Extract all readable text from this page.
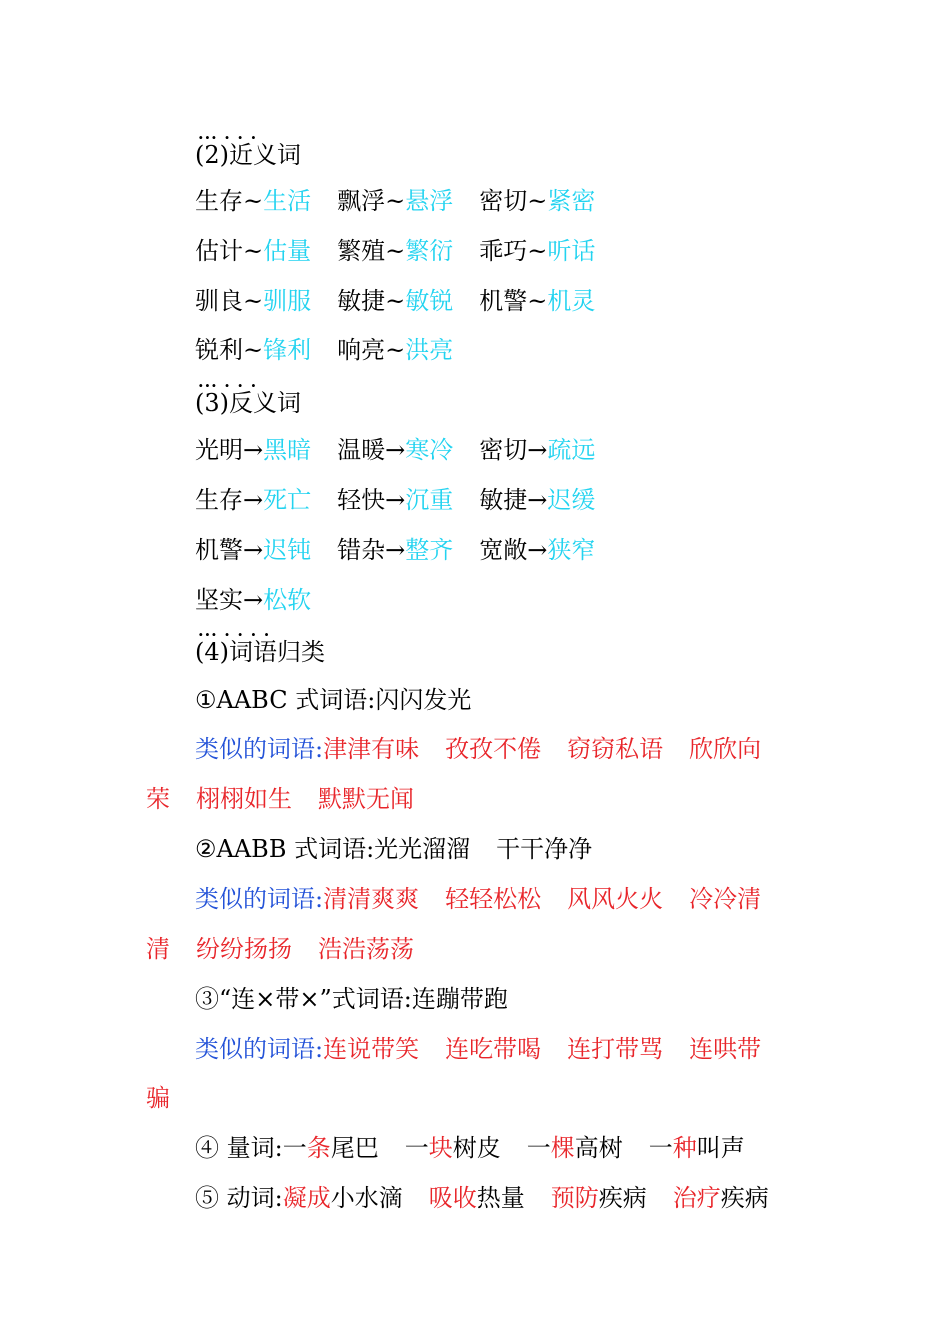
... . . .
(2)近义词
生存~生活 飘浮~悬浮 密切~紧密
估计~估量 繁殖~繁衍 乖巧~听话
驯良~驯服 敏捷~敏锐 机警~机灵
锐利~锋利 响亮~洪亮
... . . .
(3)反义词
光明→黑暗 温暖→寒冷 密切→疏远
生存→死亡 轻快→沉重 敏捷→迟缓
机警→迟钝 错杂→整齐 宽敞→狭窄
坚实→松软
... . . . .
(4)词语归类
①AABC 式词语:闪闪发光
类似的词语:津津有味 孜孜不倦 窃窃私语 欣欣向
荣 栩栩如生 默默无闻
②AABB 式词语:光光溜溜 干干净净
类似的词语:清清爽爽 轻轻松松 风风火火 冷冷清
清 纷纷扬扬 浩浩荡荡
③“连×带×”式词语:连蹦带跑
类似的词语:连说带笑 连吃带喝 连打带骂 连哄带
骗
④ 量词:一条尾巴 一块树皮 一棵高树 一种叫声
⑤ 动词:凝成小水滴 吸收热量 预防疾病 治疗疾病
